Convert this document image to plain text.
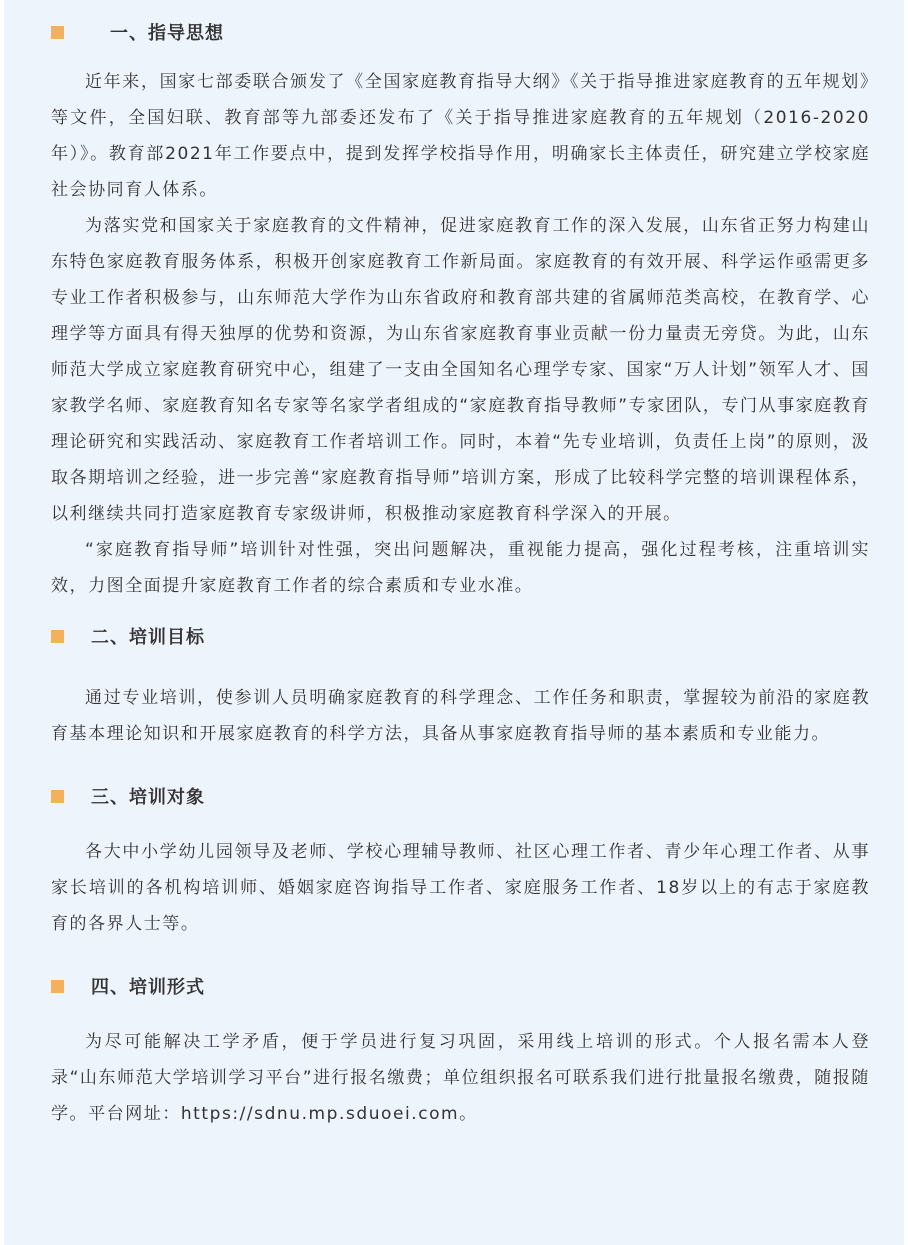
一、指导思想

近年来，国家七部委联合颁发了《全国家庭教育指导大纲》《关于指导推进家庭教育的五年规划》等文件，全国妇联、教育部等九部委还发布了《关于指导推进家庭教育的五年规划（2016-2020年）》。教育部2021年工作要点中，提到发挥学校指导作用，明确家长主体责任，研究建立学校家庭社会协同育人体系。

为落实党和国家关于家庭教育的文件精神，促进家庭教育工作的深入发展，山东省正努力构建山东特色家庭教育服务体系，积极开创家庭教育工作新局面。家庭教育的有效开展、科学运作亟需更多专业工作者积极参与，山东师范大学作为山东省政府和教育部共建的省属师范类高校，在教育学、心理学等方面具有得天独厚的优势和资源，为山东省家庭教育事业贡献一份力量责无旁贷。为此，山东师范大学成立家庭教育研究中心，组建了一支由全国知名心理学专家、国家“万人计划”领军人才、国家教学名师、家庭教育知名专家等名家学者组成的“家庭教育指导教师”专家团队，专门从事家庭教育理论研究和实践活动、家庭教育工作者培训工作。同时，本着“先专业培训，负责任上岗”的原则，汲取各期培训之经验，进一步完善“家庭教育指导师”培训方案，形成了比较科学完整的培训课程体系，以利继续共同打造家庭教育专家级讲师，积极推动家庭教育科学深入的开展。

“家庭教育指导师”培训针对性强，突出问题解决，重视能力提高，强化过程考核，注重培训实效，力图全面提升家庭教育工作者的综合素质和专业水准。

二、培训目标

通过专业培训，使参训人员明确家庭教育的科学理念、工作任务和职责，掌握较为前沿的家庭教育基本理论知识和开展家庭教育的科学方法，具备从事家庭教育指导师的基本素质和专业能力。

三、培训对象

各大中小学幼儿园领导及老师、学校心理辅导教师、社区心理工作者、青少年心理工作者、从事家长培训的各机构培训师、婚姻家庭咨询指导工作者、家庭服务工作者、18岁以上的有志于家庭教育的各界人士等。

四、培训形式

为尽可能解决工学矛盾，便于学员进行复习巩固，采用线上培训的形式。个人报名需本人登录“山东师范大学培训学习平台”进行报名缴费；单位组织报名可联系我们进行批量报名缴费，随报随学。平台网址：https://sdnu.mp.sduoei.com。
